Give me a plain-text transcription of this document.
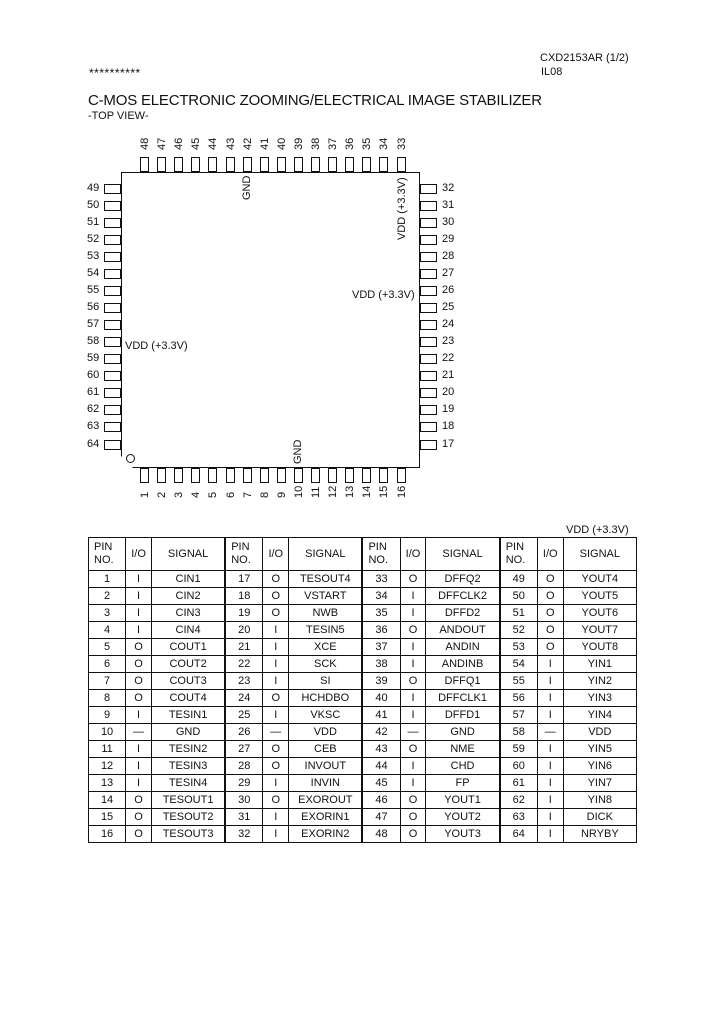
CXD2153AR (1/2)
IL08
**********
C-MOS ELECTRONIC ZOOMING/ELECTRICAL IMAGE STABILIZER
-TOP VIEW-
GND	VDD (+3.3V)
VDD (+3.3V)
VDD (+3.3V)
GND
48
1
49	32
47
2
50	31
46
3
51	30
45
4
52	29
44
5
53	28
43
6
54	27
42
7
55	26
41
8
56	25
40
9
57	24
39
10
58	23
38
11
59	22
37
12
60	21
36
13
61	20
35
14
62	19
34
15
63	18
33
16
64	17
VDD (+3.3V)
PIN NO.	I/O	SIGNAL	PIN NO.	I/O	SIGNAL	PIN NO.	I/O	SIGNAL	PIN NO.	I/O	SIGNAL
1	I	CIN1	17	O	TESOUT4	33	O	DFFQ2	49	O	YOUT4
2	I	CIN2	18	O	VSTART	34	I	DFFCLK2	50	O	YOUT5
3	I	CIN3	19	O	NWB	35	I	DFFD2	51	O	YOUT6
4	I	CIN4	20	I	TESIN5	36	O	ANDOUT	52	O	YOUT7
5	O	COUT1	21	I	XCE	37	I	ANDIN	53	O	YOUT8
6	O	COUT2	22	I	SCK	38	I	ANDINB	54	I	YIN1
7	O	COUT3	23	I	SI	39	O	DFFQ1	55	I	YIN2
8	O	COUT4	24	O	HCHDBO	40	I	DFFCLK1	56	I	YIN3
9	I	TESIN1	25	I	VKSC	41	I	DFFD1	57	I	YIN4
10	—	GND	26	—	VDD	42	—	GND	58	—	VDD
11	I	TESIN2	27	O	CEB	43	O	NME	59	I	YIN5
12	I	TESIN3	28	O	INVOUT	44	I	CHD	60	I	YIN6
13	I	TESIN4	29	I	INVIN	45	I	FP	61	I	YIN7
14	O	TESOUT1	30	O	EXOROUT	46	O	YOUT1	62	I	YIN8
15	O	TESOUT2	31	I	EXORIN1	47	O	YOUT2	63	I	DICK
16	O	TESOUT3	32	I	EXORIN2	48	O	YOUT3	64	I	NRYBY
